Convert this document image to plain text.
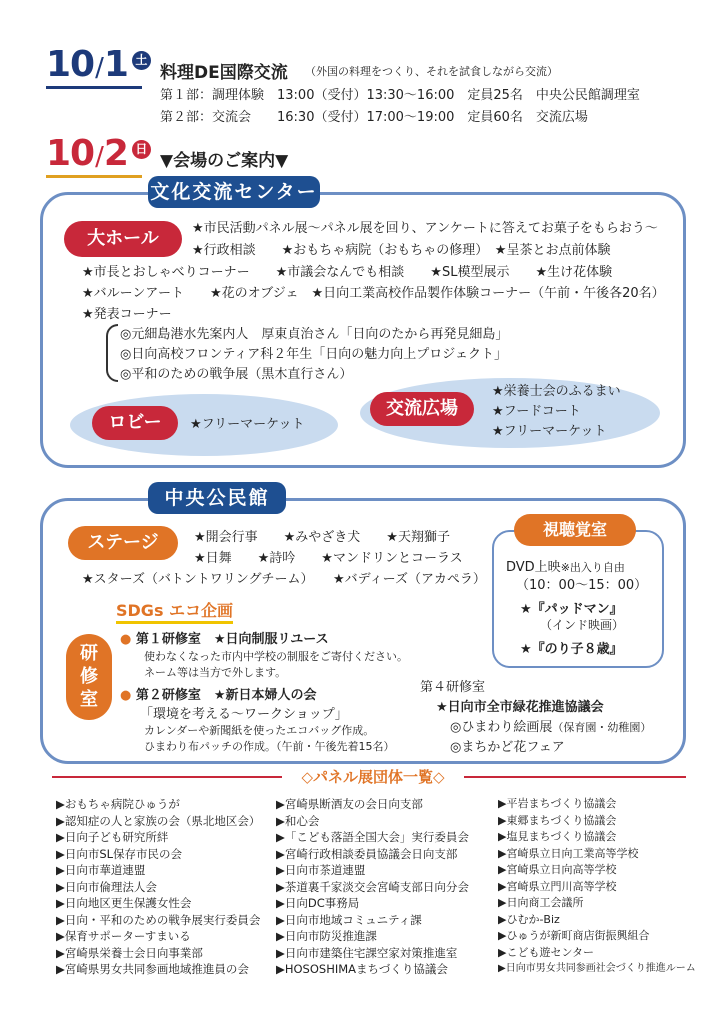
10/1 土
料理DE国際交流 （外国の料理をつくり、それを試食しながら交流）
第１部：調理体験　13:00（受付）13:30～16:00　定員25名　中央公民館調理室
第２部：交流会　　16:30（受付）17:00～19:00　定員60名　交流広場
10/2 日
▼会場のご案内▼
文化交流センター
大ホール	★市民活動パネル展～パネル展を回り、アンケートに答えてお菓子をもらおう～
★行政相談　　★おもちゃ病院（おもちゃの修理）　★呈茶とお点前体験
★市長とおしゃべりコーナー　　★市議会なんでも相談　　★SL模型展示　　★生け花体験
★バルーンアート　　★花のオブジェ　★日向工業高校作品製作体験コーナー（午前・午後各20名）
★発表コーナー
◎元細島港水先案内人　厚東貞治さん「日向のたから再発見細島」
◎日向高校フロンティア科２年生「日向の魅力向上プロジェクト」
◎平和のための戦争展（黒木直行さん）
ロビー	★フリーマーケット
交流広場
★栄養士会のふるまい
★フードコート
★フリーマーケット
中央公民館
ステージ	★開会行事　　★みやざき犬　　★天翔獅子
★日舞　　★詩吟　　★マンドリンとコーラス
★スターズ（バトントワリングチーム）　　★バディーズ（アカペラ）
SDGs エコ企画
研
修
室
● 第１研修室　★日向制服リユース
使わなくなった市内中学校の制服をご寄付ください。
ネーム等は当方で外します。
● 第２研修室　★新日本婦人の会
「環境を考える～ワークショップ」
カレンダーや新聞紙を使ったエコバッグ作成。
ひまわり布パッチの作成。（午前・午後先着15名）
第４研修室
★日向市全市緑花推進協議会
◎ひまわり絵画展（保育園・幼稚園）
◎まちかど花フェア
視聴覚室
DVD上映※出入り自由
（10：00～15：00）
★『パッドマン』
（インド映画）
★『のり子８歳』
◇パネル展団体一覧◇
▶おもちゃ病院ひゅうが
▶認知症の人と家族の会（県北地区会）
▶日向子ども研究所絆
▶日向市SL保存市民の会
▶日向市華道連盟
▶日向市倫理法人会
▶日向地区更生保護女性会
▶日向・平和のための戦争展実行委員会
▶保育サポーターすまいる
▶宮崎県栄養士会日向事業部
▶宮崎県男女共同参画地域推進員の会
▶宮崎県断酒友の会日向支部
▶和心会
▶「こども落語全国大会」実行委員会
▶宮崎行政相談委員協議会日向支部
▶日向市茶道連盟
▶茶道裏千家淡交会宮崎支部日向分会
▶日向DC事務局
▶日向市地域コミュニティ課
▶日向市防災推進課
▶日向市建築住宅課空家対策推進室
▶HOSOSHIMAまちづくり協議会
▶平岩まちづくり協議会
▶東郷まちづくり協議会
▶塩見まちづくり協議会
▶宮崎県立日向工業高等学校
▶宮崎県立日向高等学校
▶宮崎県立門川高等学校
▶日向商工会議所
▶ひむか-Biz
▶ひゅうが新町商店街振興組合
▶こども遊センター
▶日向市男女共同参画社会づくり推進ルーム
